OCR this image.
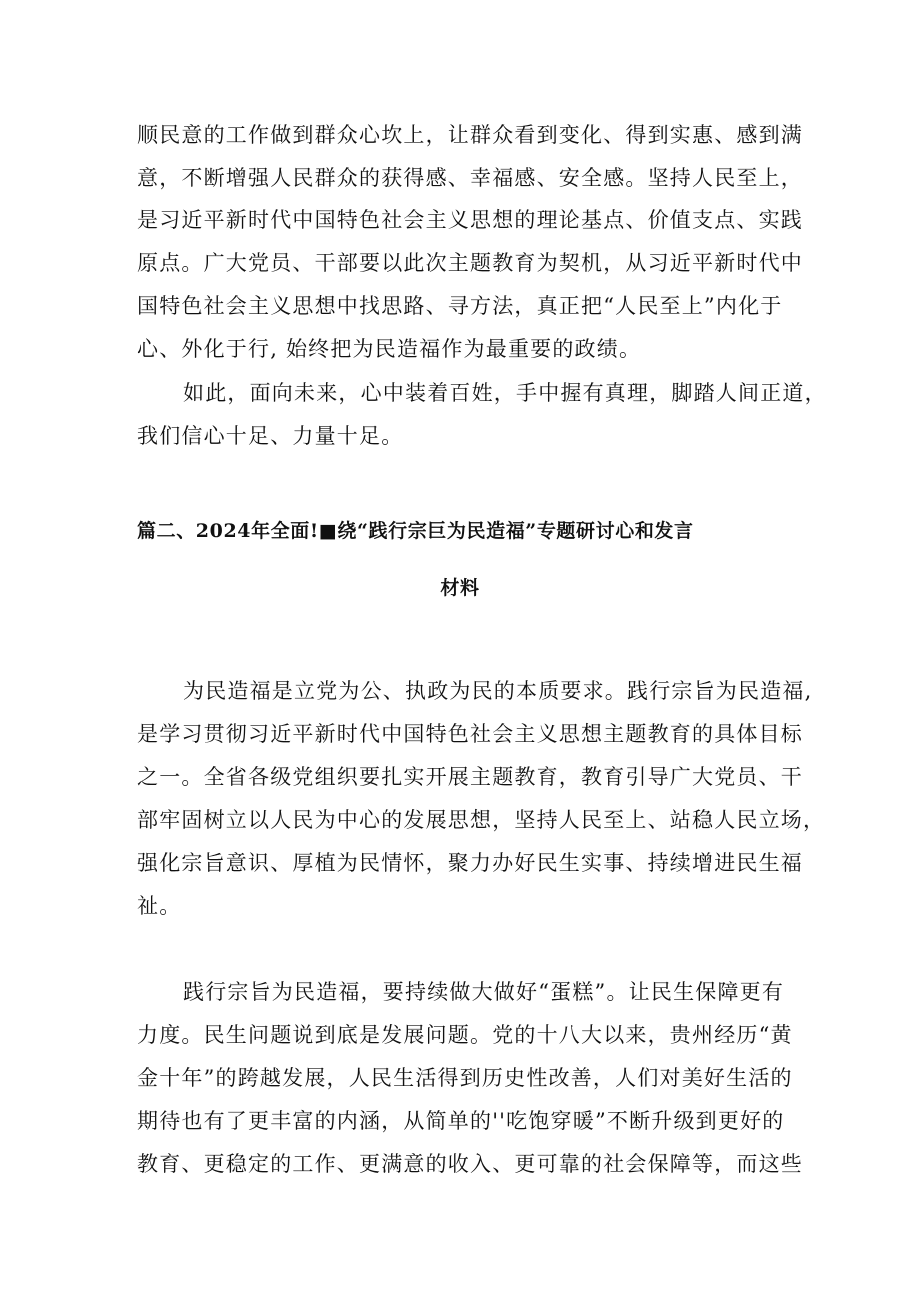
顺民意的工作做到群众心坎上，让群众看到变化、得到实惠、感到满
意，不断增强人民群众的获得感、幸福感、安全感。坚持人民至上，
是习近平新时代中国特色社会主义思想的理论基点、价值支点、实践
原点。广大党员、干部要以此次主题教育为契机，从习近平新时代中
国特色社会主义思想中找思路、寻方法，真正把“人民至上”内化于
心、外化于行, 始终把为民造福作为最重要的政绩。
如此，面向未来，心中装着百姓，手中握有真理，脚踏人间正道，
我们信心十足、力量十足。
篇二、2024年全面!■绕“践行宗巨为民造福”专题研讨心和发言
材料
为民造福是立党为公、执政为民的本质要求。践行宗旨为民造福,
是学习贯彻习近平新时代中国特色社会主义思想主题教育的具体目标
之一。全省各级党组织要扎实开展主题教育，教育引导广大党员、干
部牢固树立以人民为中心的发展思想，坚持人民至上、站稳人民立场，
强化宗旨意识、厚植为民情怀，聚力办好民生实事、持续增进民生福
祉。
践行宗旨为民造福，要持续做大做好“蛋糕”。让民生保障更有
力度。民生问题说到底是发展问题。党的十八大以来，贵州经历“黄
金十年”的跨越发展，人民生活得到历史性改善，人们对美好生活的
期待也有了更丰富的内涵，从简单的''吃饱穿暖”不断升级到更好的
教育、更稳定的工作、更满意的收入、更可靠的社会保障等，而这些
